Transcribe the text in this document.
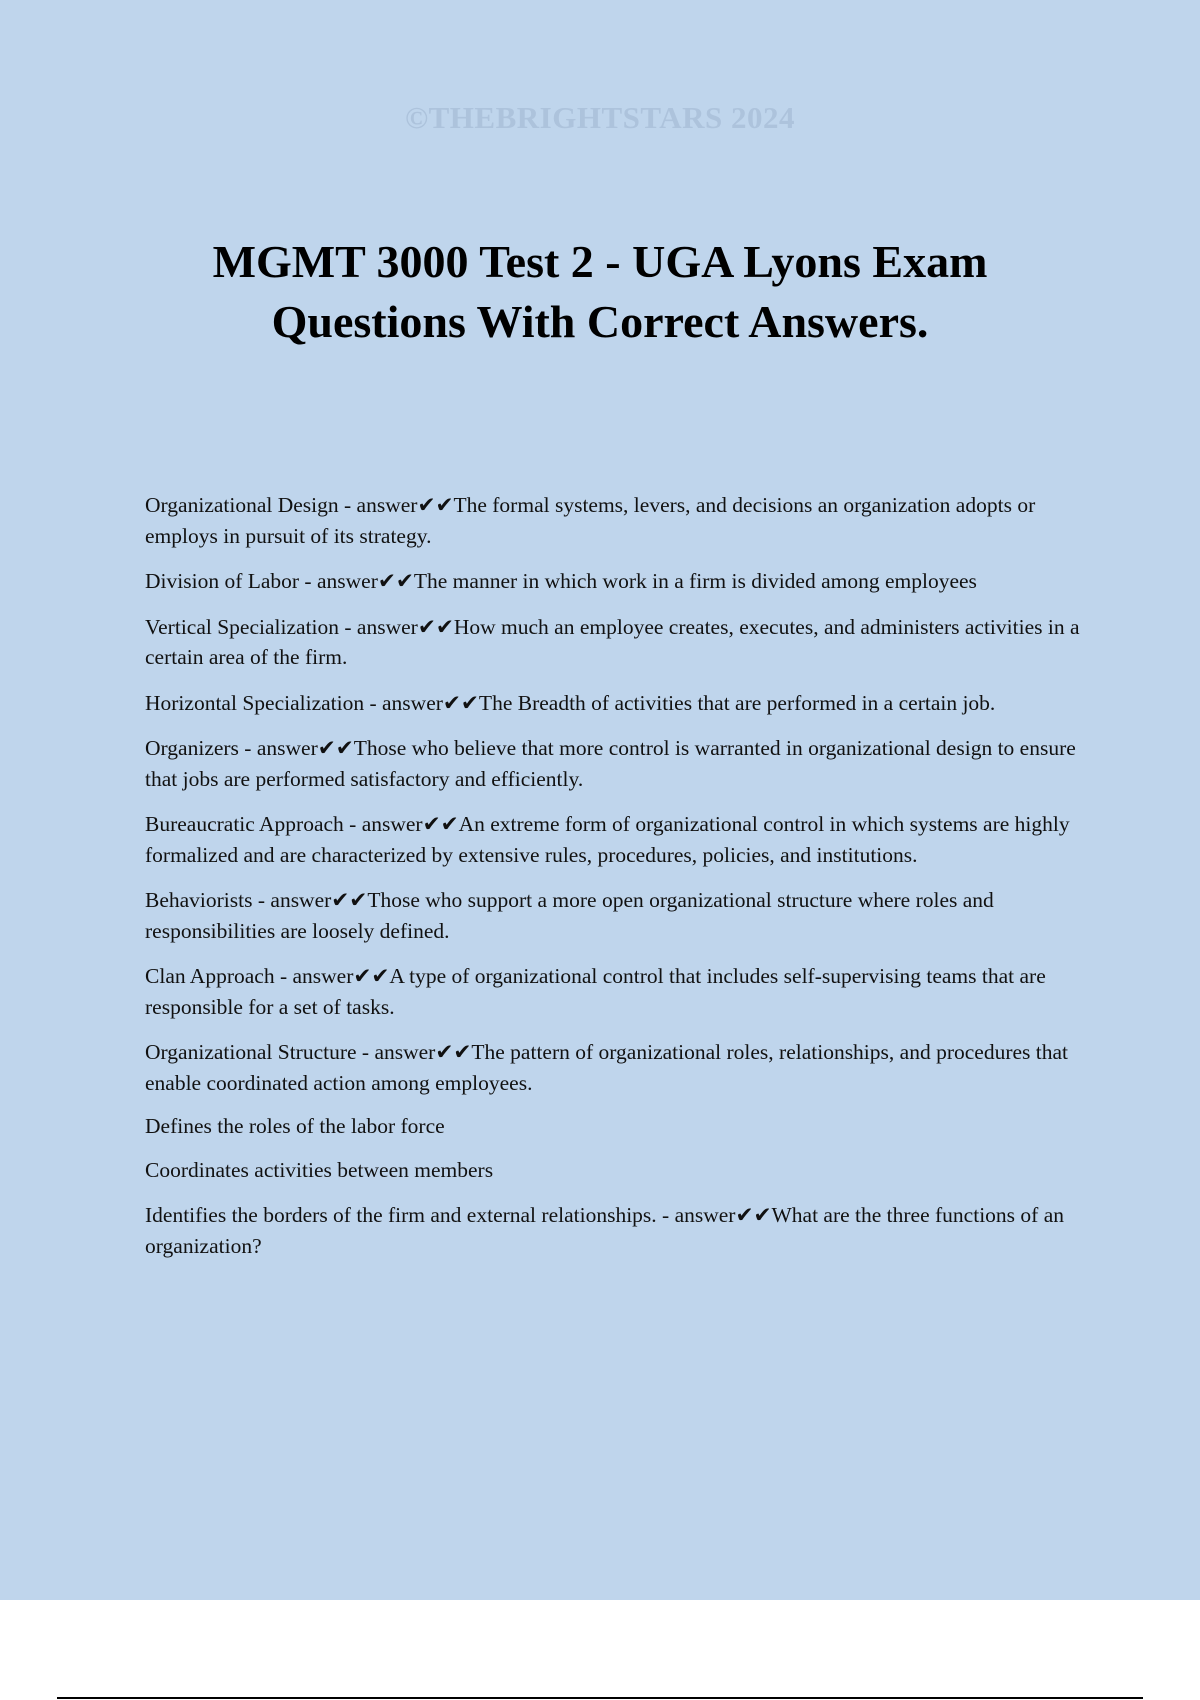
©THEBRIGHTSTARS 2024
MGMT 3000 Test 2 - UGA Lyons Exam
Questions With Correct Answers.

Organizational Design - answer✔✔The formal systems, levers, and decisions an organization adopts or employs in pursuit of its strategy.

Division of Labor - answer✔✔The manner in which work in a firm is divided among employees

Vertical Specialization - answer✔✔How much an employee creates, executes, and administers activities in a certain area of the firm.

Horizontal Specialization - answer✔✔The Breadth of activities that are performed in a certain job.

Organizers - answer✔✔Those who believe that more control is warranted in organizational design to ensure that jobs are performed satisfactory and efficiently.

Bureaucratic Approach - answer✔✔An extreme form of organizational control in which systems are highly formalized and are characterized by extensive rules, procedures, policies, and institutions.

Behaviorists - answer✔✔Those who support a more open organizational structure where roles and responsibilities are loosely defined.

Clan Approach - answer✔✔A type of organizational control that includes self-supervising teams that are responsible for a set of tasks.

Organizational Structure - answer✔✔The pattern of organizational roles, relationships, and procedures that enable coordinated action among employees.

Defines the roles of the labor force

Coordinates activities between members

Identifies the borders of the firm and external relationships. - answer✔✔What are the three functions of an organization?
